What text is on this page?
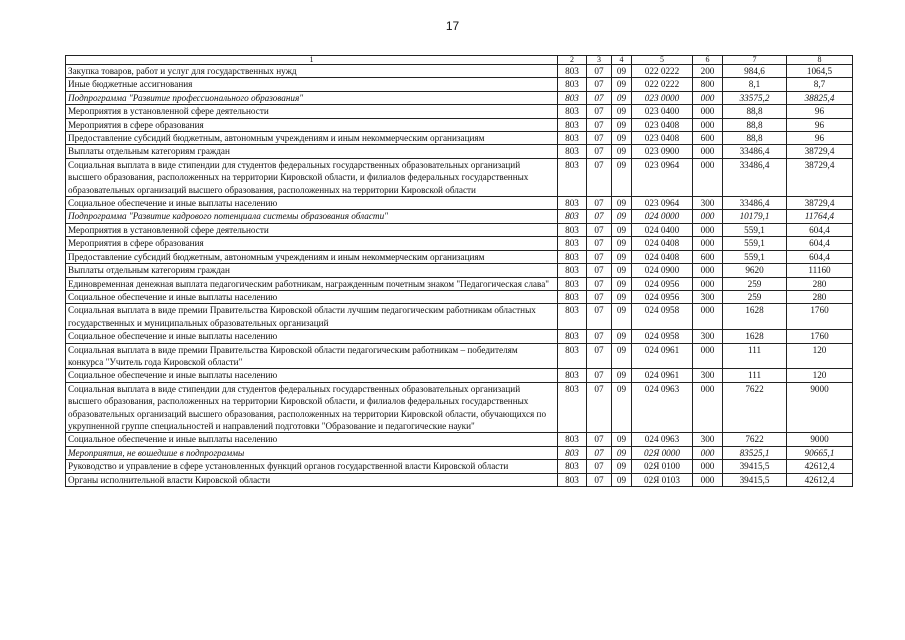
17
1	2	3	4	5	6	7	8
Закупка товаров, работ и услуг для государственных нужд	803	07	09	022 0222	200	984,6	1064,5
Иные бюджетные ассигнования	803	07	09	022 0222	800	8,1	8,7
Подпрограмма "Развитие профессионального образования"	803	07	09	023 0000	000	33575,2	38825,4
Мероприятия в установленной сфере деятельности	803	07	09	023 0400	000	88,8	96
Мероприятия в сфере образования	803	07	09	023 0408	000	88,8	96
Предоставление субсидий бюджетным, автономным учреждениям и иным некоммерческим организациям	803	07	09	023 0408	600	88,8	96
Выплаты отдельным категориям граждан	803	07	09	023 0900	000	33486,4	38729,4
Социальная выплата в виде стипендии для студентов федеральных государственных образовательных организаций высшего образования, расположенных на территории Кировской области, и филиалов федеральных государственных образовательных организаций высшего образования, расположенных на территории Кировской области	803	07	09	023 0964	000	33486,4	38729,4
Социальное обеспечение и иные выплаты населению	803	07	09	023 0964	300	33486,4	38729,4
Подпрограмма "Развитие кадрового потенциала системы образования области"	803	07	09	024 0000	000	10179,1	11764,4
Мероприятия в установленной сфере деятельности	803	07	09	024 0400	000	559,1	604,4
Мероприятия в сфере образования	803	07	09	024 0408	000	559,1	604,4
Предоставление субсидий бюджетным, автономным учреждениям и иным некоммерческим организациям	803	07	09	024 0408	600	559,1	604,4
Выплаты отдельным категориям граждан	803	07	09	024 0900	000	9620	11160
Единовременная денежная выплата педагогическим работникам, награжденным почетным знаком "Педагогическая слава"	803	07	09	024 0956	000	259	280
Социальное обеспечение и иные выплаты населению	803	07	09	024 0956	300	259	280
Социальная выплата в виде премии Правительства Кировской области лучшим педагогическим работникам областных государственных и муниципальных образовательных организаций	803	07	09	024 0958	000	1628	1760
Социальное обеспечение и иные выплаты населению	803	07	09	024 0958	300	1628	1760
Социальная выплата в виде премии Правительства Кировской области педагогическим работникам – победителям конкурса "Учитель года Кировской области"	803	07	09	024 0961	000	111	120
Социальное обеспечение и иные выплаты населению	803	07	09	024 0961	300	111	120
Социальная выплата в виде стипендии для студентов федеральных государственных образовательных организаций высшего образования, расположенных на территории Кировской области, и филиалов федеральных государственных образовательных организаций высшего образования, расположенных на территории Кировской области, обучающихся по укрупненной группе специальностей и направлений подготовки "Образование и педагогические науки"	803	07	09	024 0963	000	7622	9000
Социальное обеспечение и иные выплаты населению	803	07	09	024 0963	300	7622	9000
Мероприятия, не вошедшие в подпрограммы	803	07	09	02Я 0000	000	83525,1	90665,1
Руководство и управление в сфере установленных функций органов государственной власти Кировской области	803	07	09	02Я 0100	000	39415,5	42612,4
Органы исполнительной власти Кировской области	803	07	09	02Я 0103	000	39415,5	42612,4
